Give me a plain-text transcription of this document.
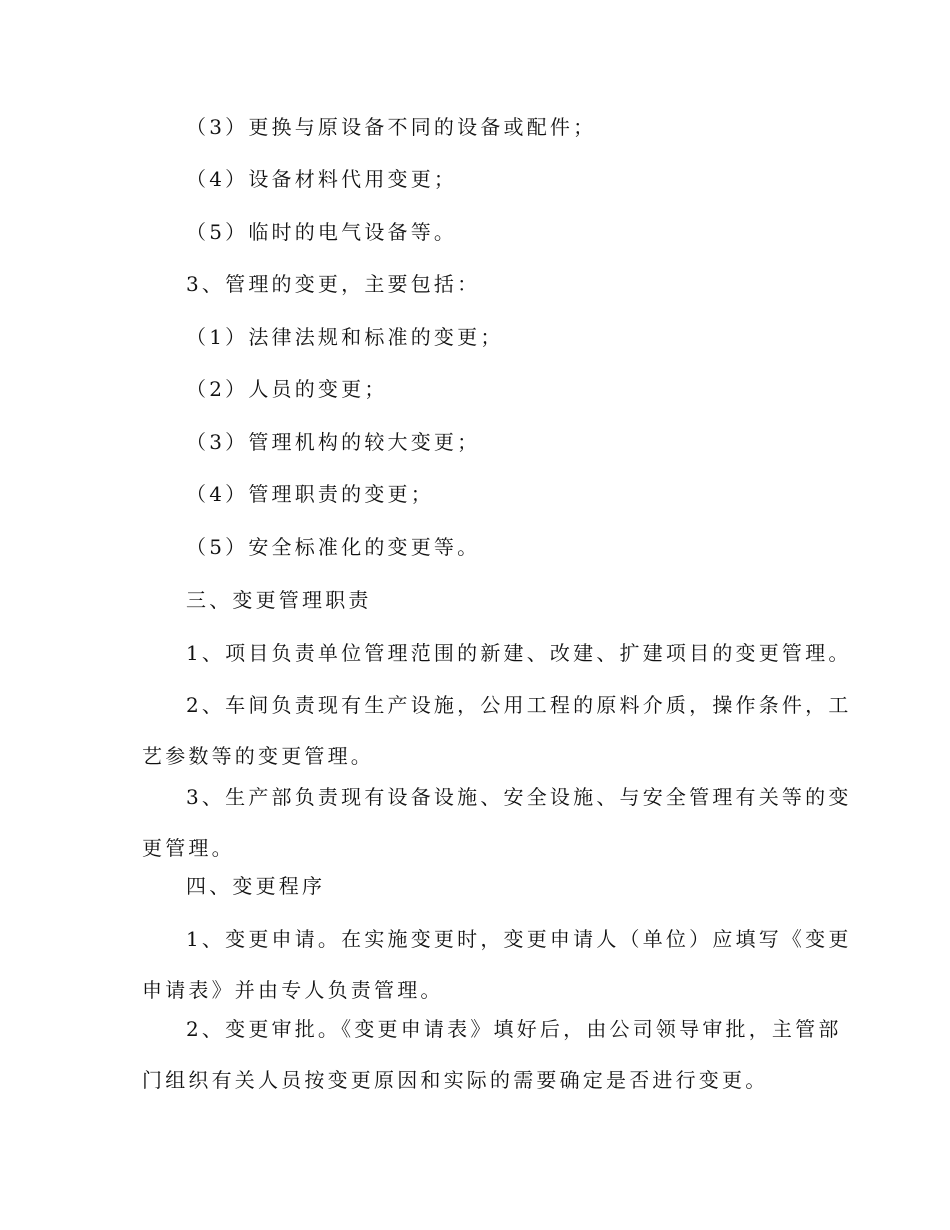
（3）更换与原设备不同的设备或配件；
（4）设备材料代用变更；
（5）临时的电气设备等。
3、管理的变更，主要包括：
（1）法律法规和标准的变更；
（2）人员的变更；
（3）管理机构的较大变更；
（4）管理职责的变更；
（5）安全标准化的变更等。
三、变更管理职责
1、项目负责单位管理范围的新建、改建、扩建项目的变更管理。
2、车间负责现有生产设施，公用工程的原料介质，操作条件，工
艺参数等的变更管理。
3、生产部负责现有设备设施、安全设施、与安全管理有关等的变
更管理。
四、变更程序
1、变更申请。在实施变更时，变更申请人（单位）应填写《变更
申请表》并由专人负责管理。
2、变更审批。《变更申请表》填好后，由公司领导审批，主管部
门组织有关人员按变更原因和实际的需要确定是否进行变更。
